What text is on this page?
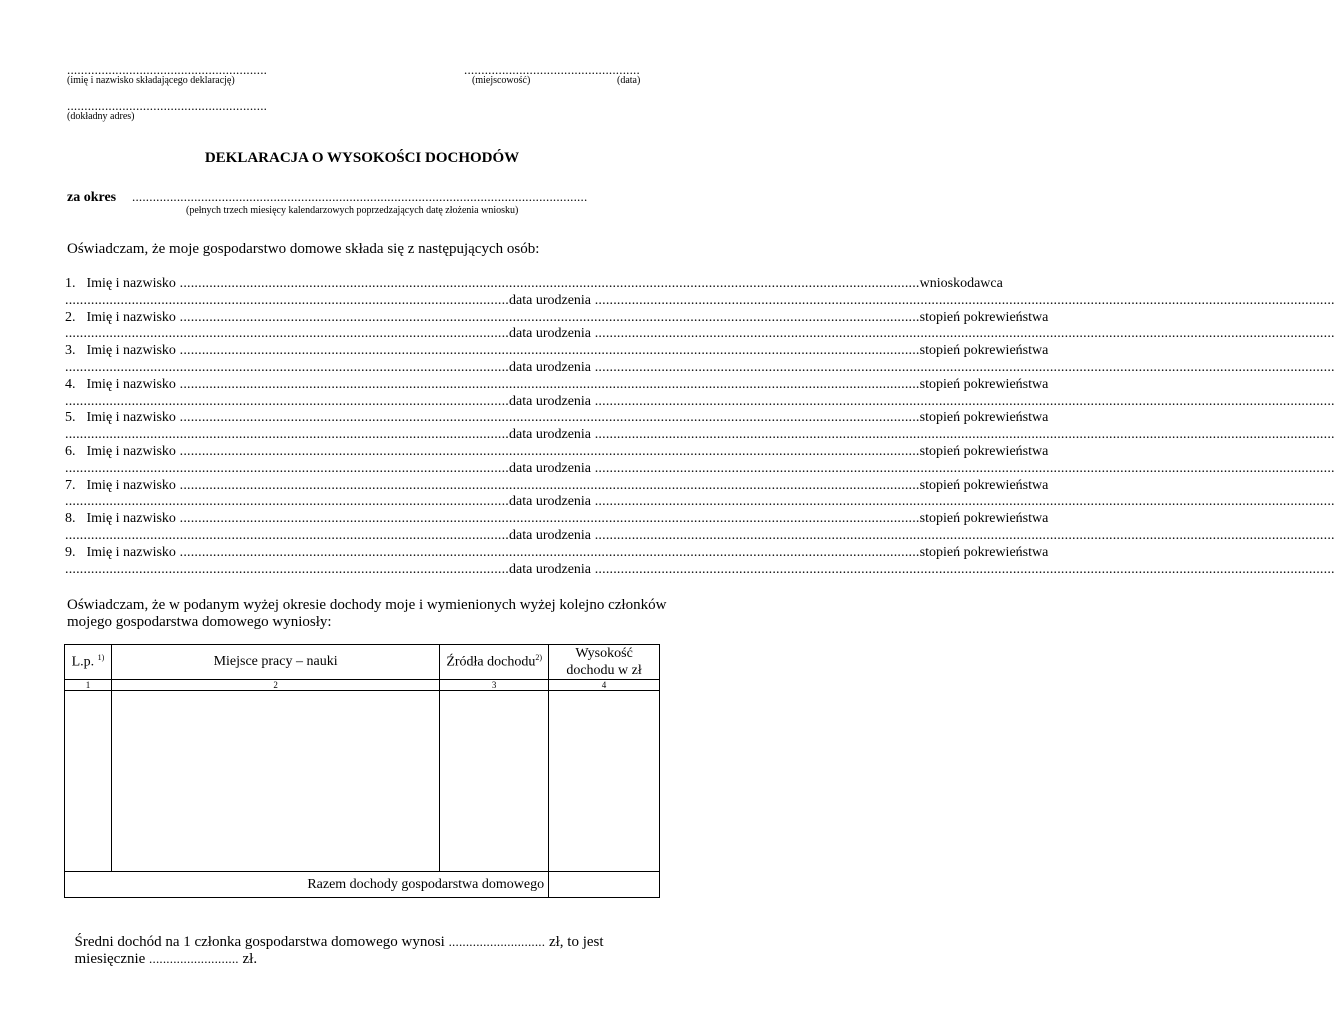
..........................................................
(imię i nazwisko składającego deklarację)
...................................................
(miejscowość)	(data)
..........................................................
(dokładny adres)
DEKLARACJA O WYSOKOŚCI DOCHODÓW
za okres ....................................................................................................................................
(pełnych trzech miesięcy kalendarzowych poprzedzających datę złożenia wniosku)
Oświadczam, że moje gospodarstwo domowe składa się z następujących osób:
1. Imię i nazwisko ........................................................................................................................................................................................................ wnioskodawca
........................................................................................................................ data urodzenia ........................................................................................................................................................................................................
2. Imię i nazwisko ........................................................................................................................................................................................................ stopień pokrewieństwa
........................................................................................................................ data urodzenia ........................................................................................................................................................................................................
3. Imię i nazwisko ........................................................................................................................................................................................................ stopień pokrewieństwa
........................................................................................................................ data urodzenia ........................................................................................................................................................................................................
4. Imię i nazwisko ........................................................................................................................................................................................................ stopień pokrewieństwa
........................................................................................................................ data urodzenia ........................................................................................................................................................................................................
5. Imię i nazwisko ........................................................................................................................................................................................................ stopień pokrewieństwa
........................................................................................................................ data urodzenia ........................................................................................................................................................................................................
6. Imię i nazwisko ........................................................................................................................................................................................................ stopień pokrewieństwa
........................................................................................................................ data urodzenia ........................................................................................................................................................................................................
7. Imię i nazwisko ........................................................................................................................................................................................................ stopień pokrewieństwa
........................................................................................................................ data urodzenia ........................................................................................................................................................................................................
8. Imię i nazwisko ........................................................................................................................................................................................................ stopień pokrewieństwa
........................................................................................................................ data urodzenia ........................................................................................................................................................................................................
9. Imię i nazwisko ........................................................................................................................................................................................................ stopień pokrewieństwa
........................................................................................................................ data urodzenia ........................................................................................................................................................................................................
Oświadczam, że w podanym wyżej okresie dochody moje i wymienionych wyżej kolejno członków
mojego gospodarstwa domowego wyniosły:
L.p. $^{1)}$	Miejsce pracy – nauki	Źródła dochodu$^{2)}$	Wysokość
dochodu w zł
1	2	3	4

Razem dochody gospodarstwa domowego			

Średni dochód na 1 członka gospodarstwa domowego wynosi ............................ zł, to jest

miesięcznie .......................... zł.
